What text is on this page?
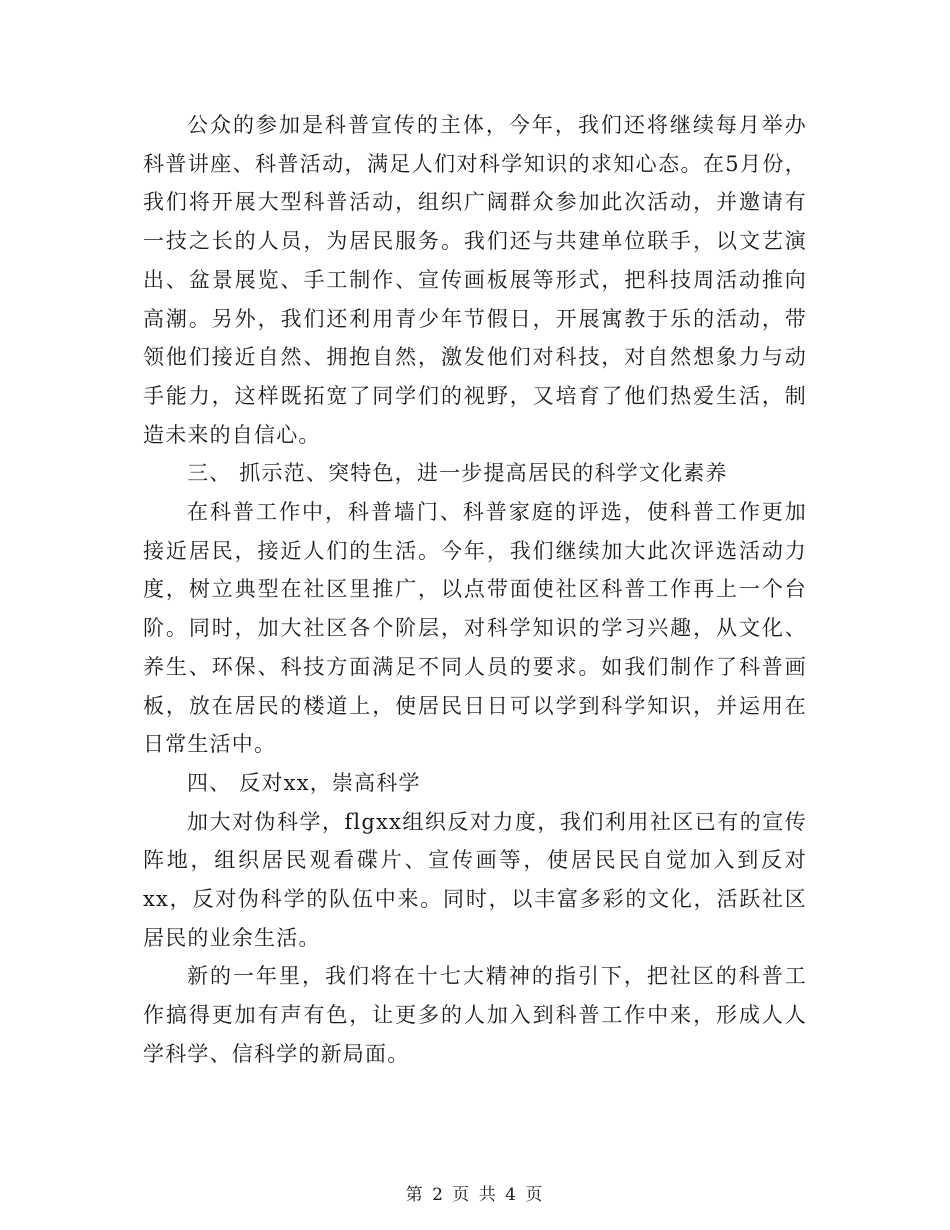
公众的参加是科普宣传的主体，今年，我们还将继续每月举办科普讲座、科普活动，满足人们对科学知识的求知心态。在5月份，我们将开展大型科普活动，组织广阔群众参加此次活动，并邀请有一技之长的人员，为居民服务。我们还与共建单位联手，以文艺演出、盆景展览、手工制作、宣传画板展等形式，把科技周活动推向高潮。另外，我们还利用青少年节假日，开展寓教于乐的活动，带领他们接近自然、拥抱自然，激发他们对科技，对自然想象力与动手能力，这样既拓宽了同学们的视野，又培育了他们热爱生活，制造未来的自信心。

三、 抓示范、突特色，进一步提高居民的科学文化素养

在科普工作中，科普墙门、科普家庭的评选，使科普工作更加接近居民，接近人们的生活。今年，我们继续加大此次评选活动力度，树立典型在社区里推广，以点带面使社区科普工作再上一个台阶。同时，加大社区各个阶层，对科学知识的学习兴趣，从文化、养生、环保、科技方面满足不同人员的要求。如我们制作了科普画板，放在居民的楼道上，使居民日日可以学到科学知识，并运用在日常生活中。

四、 反对xx，崇高科学

加大对伪科学，flgxx组织反对力度，我们利用社区已有的宣传阵地，组织居民观看碟片、宣传画等，使居民民自觉加入到反对xx，反对伪科学的队伍中来。同时，以丰富多彩的文化，活跃社区居民的业余生活。

新的一年里，我们将在十七大精神的指引下，把社区的科普工作搞得更加有声有色，让更多的人加入到科普工作中来，形成人人学科学、信科学的新局面。

第 2 页 共 4 页
